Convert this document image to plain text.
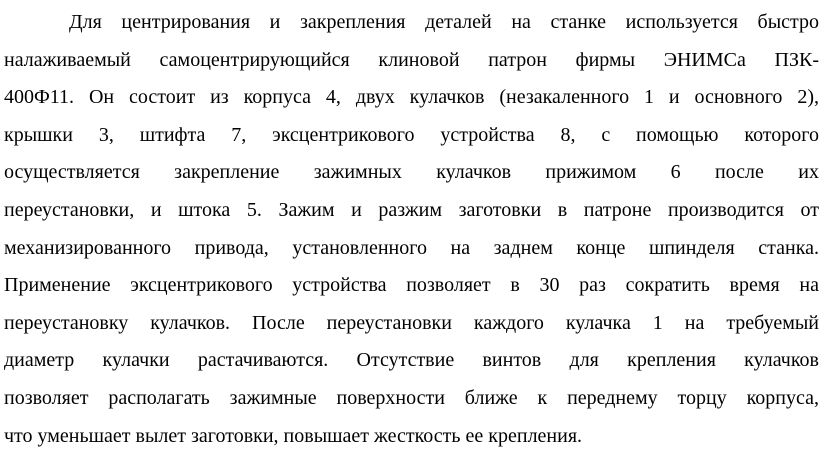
Для центрирования и закрепления деталей на станке используется быстро
налаживаемый самоцентрирующийся клиновой патрон фирмы ЭНИМСа ПЗК-
400Ф11. Он состоит из корпуса 4, двух кулачков (незакаленного 1 и основного 2),
крышки 3, штифта 7, эксцентрикового устройства 8, с помощью которого
осуществляется закрепление зажимных кулачков прижимом 6 после их
переустановки, и штока 5. Зажим и разжим заготовки в патроне производится от
механизированного привода, установленного на заднем конце шпинделя станка.
Применение эксцентрикового устройства позволяет в 30 раз сократить время на
переустановку кулачков. После переустановки каждого кулачка 1 на требуемый
диаметр кулачки растачиваются. Отсутствие винтов для крепления кулачков
позволяет располагать зажимные поверхности ближе к переднему торцу корпуса,
что уменьшает вылет заготовки, повышает жесткость ее крепления.
